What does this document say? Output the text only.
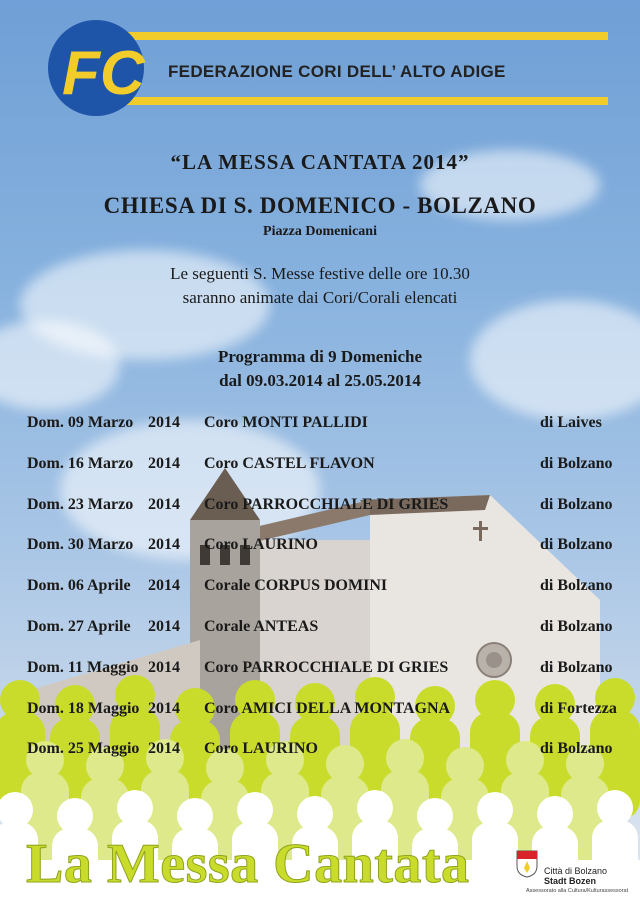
FC FEDERAZIONE CORI DELL’ ALTO ADIGE
“LA MESSA CANTATA 2014”
CHIESA DI S. DOMENICO - BOLZANO
Piazza Domenicani
Le seguenti S. Messe festive delle ore 10.30
saranno animate dai Cori/Corali elencati
Programma di 9 Domeniche
dal 09.03.2014 al 25.05.2014
Dom. 09 Marzo 2014 Coro MONTI PALLIDI	di Laives
Dom. 16 Marzo 2014 Coro CASTEL FLAVON	di Bolzano
Dom. 23 Marzo 2014 Coro PARROCCHIALE DI GRIES	di Bolzano
Dom. 30 Marzo 2014 Coro LAURINO	di Bolzano
Dom. 06 Aprile 2014 Corale CORPUS DOMINI	di Bolzano
Dom. 27 Aprile 2014 Corale ANTEAS	di Bolzano
Dom. 11 Maggio 2014 Coro PARROCCHIALE DI GRIES	di Bolzano
Dom. 18 Maggio 2014 Coro AMICI DELLA MONTAGNA	di Fortezza
Dom. 25 Maggio 2014 Coro LAURINO	di Bolzano
La Messa Cantata	Città di Bolzano
Stadt Bozen
Assessorato alla Cultura/Kulturassessorat
